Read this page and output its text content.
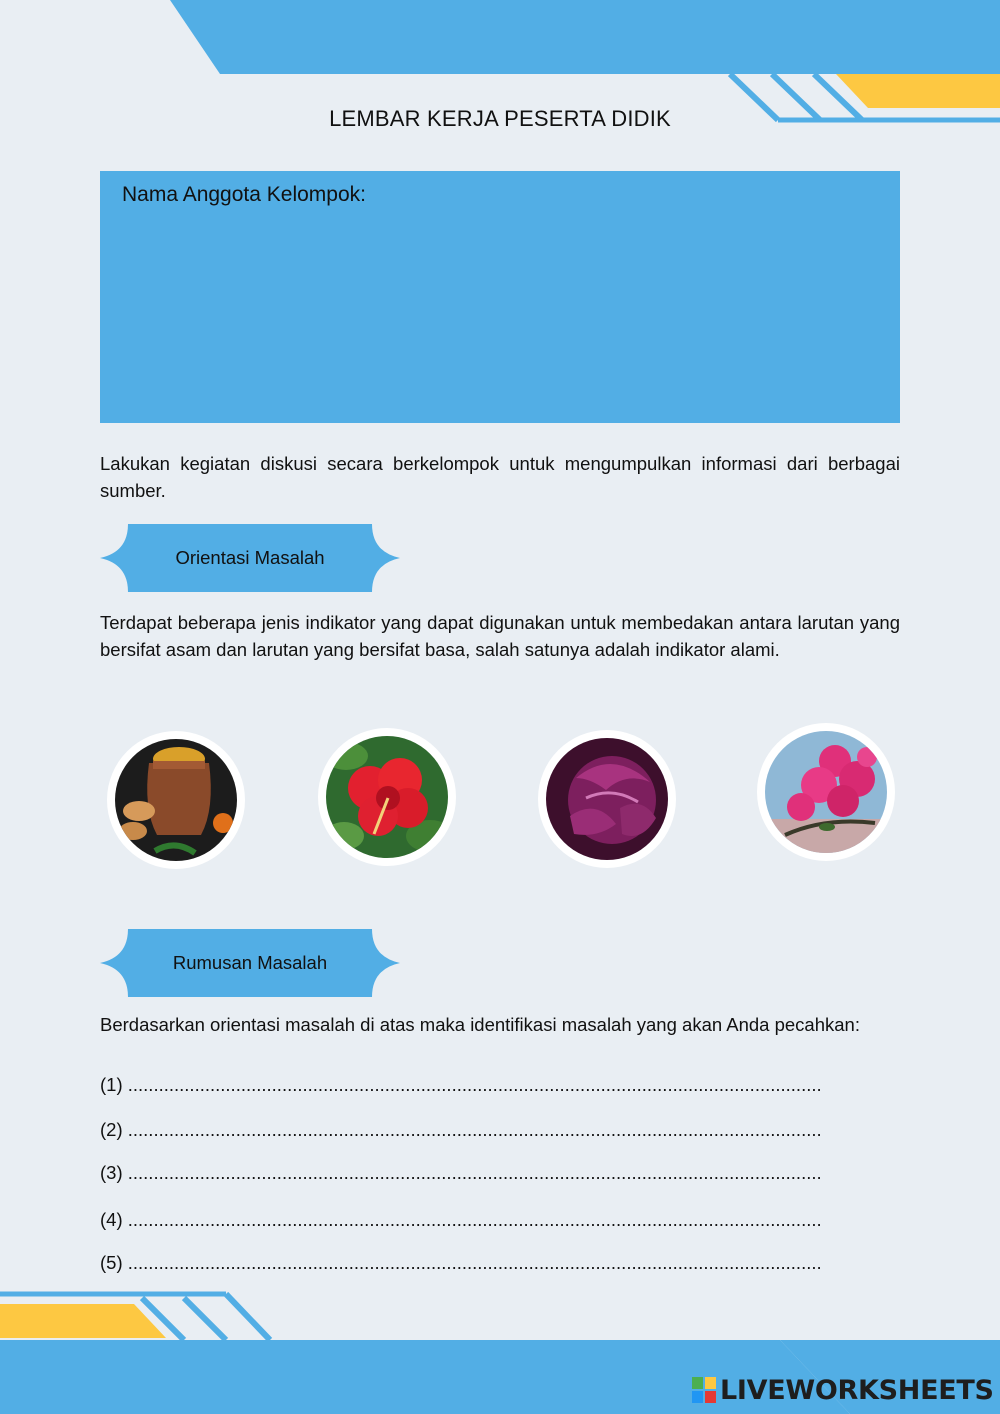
LEMBAR KERJA PESERTA DIDIK
Nama Anggota Kelompok:
Lakukan kegiatan diskusi secara berkelompok untuk mengumpulkan informasi dari berbagai sumber.
Orientasi Masalah
Terdapat beberapa jenis indikator yang dapat digunakan untuk membedakan antara larutan yang bersifat asam dan larutan yang bersifat basa, salah satunya adalah indikator alami.
Rumusan Masalah
Berdasarkan orientasi masalah di atas maka identifikasi masalah yang akan Anda pecahkan:
(1) .......................................................................................................................................
(2) .......................................................................................................................................
(3) .......................................................................................................................................
(4) .......................................................................................................................................
(5) .......................................................................................................................................
LIVEWORKSHEETS
